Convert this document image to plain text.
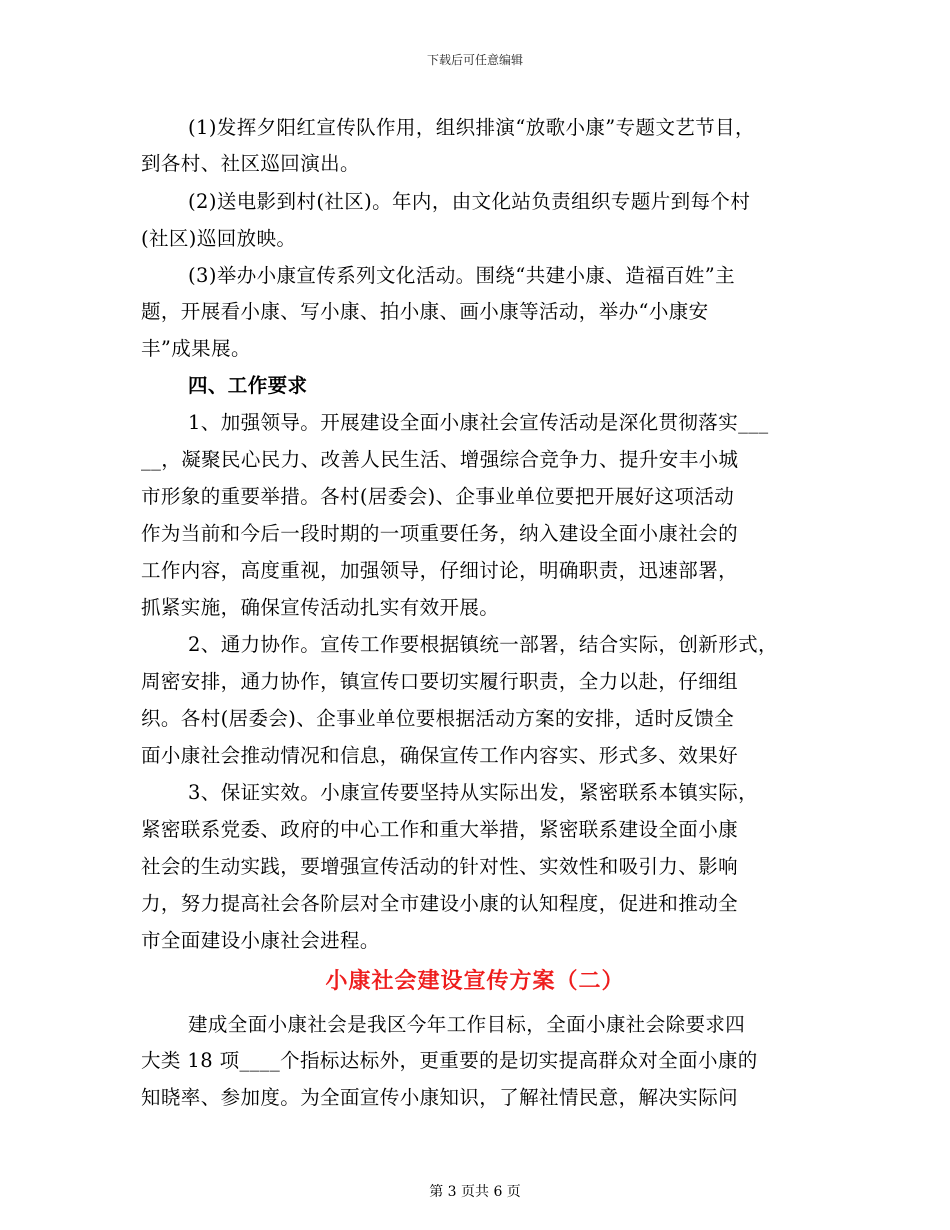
下载后可任意编辑
(1)发挥夕阳红宣传队作用，组织排演“放歌小康”专题文艺节目，
到各村、社区巡回演出。
(2)送电影到村(社区)。年内，由文化站负责组织专题片到每个村
(社区)巡回放映。
(3)举办小康宣传系列文化活动。围绕“共建小康、造福百姓”主
题，开展看小康、写小康、拍小康、画小康等活动，举办“小康安
丰”成果展。
四、工作要求
1、加强领导。开展建设全面小康社会宣传活动是深化贯彻落实___
__，凝聚民心民力、改善人民生活、增强综合竞争力、提升安丰小城
市形象的重要举措。各村(居委会)、企事业单位要把开展好这项活动
作为当前和今后一段时期的一项重要任务，纳入建设全面小康社会的
工作内容，高度重视，加强领导，仔细讨论，明确职责，迅速部署，
抓紧实施，确保宣传活动扎实有效开展。
2、通力协作。宣传工作要根据镇统一部署，结合实际，创新形式，
周密安排，通力协作，镇宣传口要切实履行职责，全力以赴，仔细组
织。各村(居委会)、企事业单位要根据活动方案的安排，适时反馈全
面小康社会推动情况和信息，确保宣传工作内容实、形式多、效果好
3、保证实效。小康宣传要坚持从实际出发，紧密联系本镇实际，
紧密联系党委、政府的中心工作和重大举措，紧密联系建设全面小康
社会的生动实践，要增强宣传活动的针对性、实效性和吸引力、影响
力，努力提高社会各阶层对全市建设小康的认知程度，促进和推动全
市全面建设小康社会进程。
小康社会建设宣传方案（二）
建成全面小康社会是我区今年工作目标，全面小康社会除要求四
大类 18 项____个指标达标外，更重要的是切实提高群众对全面小康的
知晓率、参加度。为全面宣传小康知识，了解社情民意，解决实际问
第 3 页共 6 页
